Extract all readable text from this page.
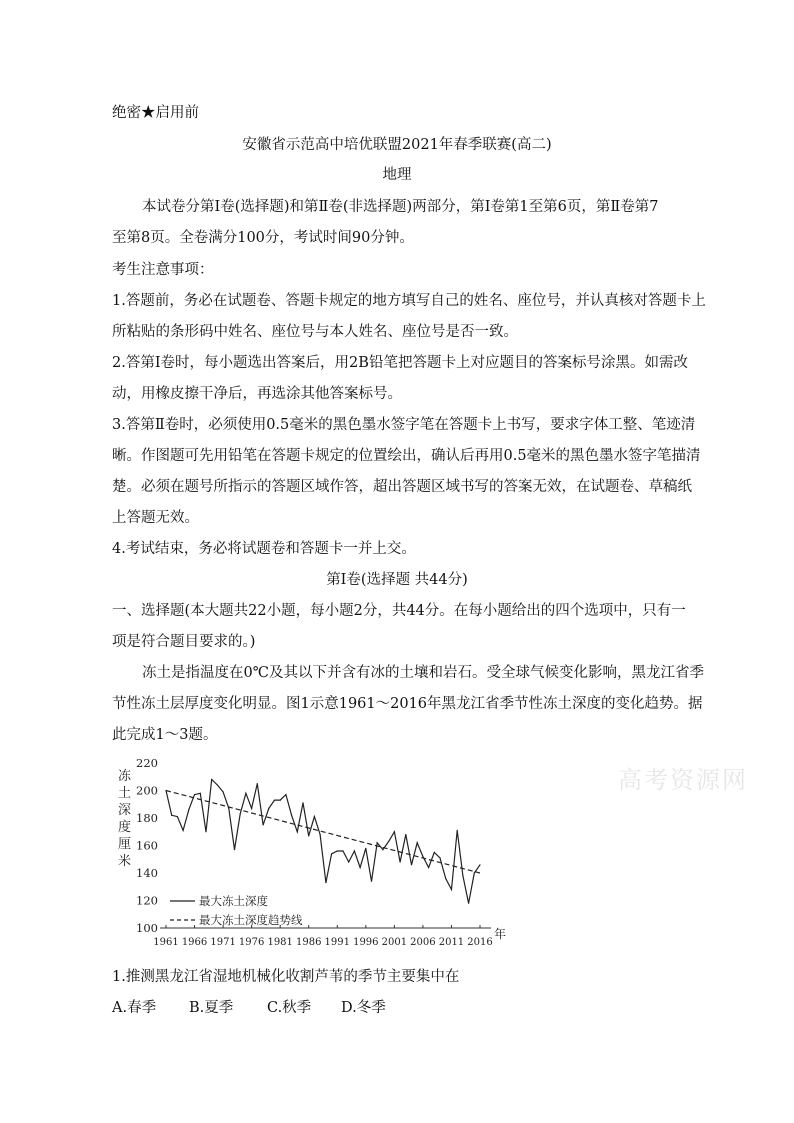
绝密★启用前
安徽省示范高中培优联盟2021年春季联赛(高二)
地理
本试卷分第Ⅰ卷(选择题)和第Ⅱ卷(非选择题)两部分，第Ⅰ卷第1至第6页，第Ⅱ卷第7
至第8页。全卷满分100分，考试时间90分钟。
考生注意事项：
1.答题前，务必在试题卷、答题卡规定的地方填写自己的姓名、座位号，并认真核对答题卡上
所粘贴的条形码中姓名、座位号与本人姓名、座位号是否一致。
2.答第Ⅰ卷时，每小题选出答案后，用2B铅笔把答题卡上对应题目的答案标号涂黑。如需改
动，用橡皮擦干净后，再选涂其他答案标号。
3.答第Ⅱ卷时，必须使用0.5毫米的黑色墨水签字笔在答题卡上书写，要求字体工整、笔迹清
晰。作图题可先用铅笔在答题卡规定的位置绘出，确认后再用0.5毫米的黑色墨水签字笔描清
楚。必须在题号所指示的答题区域作答，超出答题区域书写的答案无效，在试题卷、草稿纸
上答题无效。
4.考试结束，务必将试题卷和答题卡一并上交。
第Ⅰ卷(选择题 共44分)
一、选择题(本大题共22小题，每小题2分，共44分。在每小题给出的四个选项中，只有一
项是符合题目要求的。)
冻土是指温度在0℃及其以下并含有冰的土壤和岩石。受全球气候变化影响，黑龙江省季
节性冻土层厚度变化明显。图1示意1961～2016年黑龙江省季节性冻土深度的变化趋势。据
此完成1～3题。
高考资源网
冻土深度厘米
100
120
140
160
180
200
220
1961 1966 1971 1976 1981 1986 1991 1996 2001 2006 2011 2016
年
最大冻土深度
最大冻土深度趋势线
1.推测黑龙江省湿地机械化收割芦苇的季节主要集中在
A.春季 B.夏季 C.秋季 D.冬季
